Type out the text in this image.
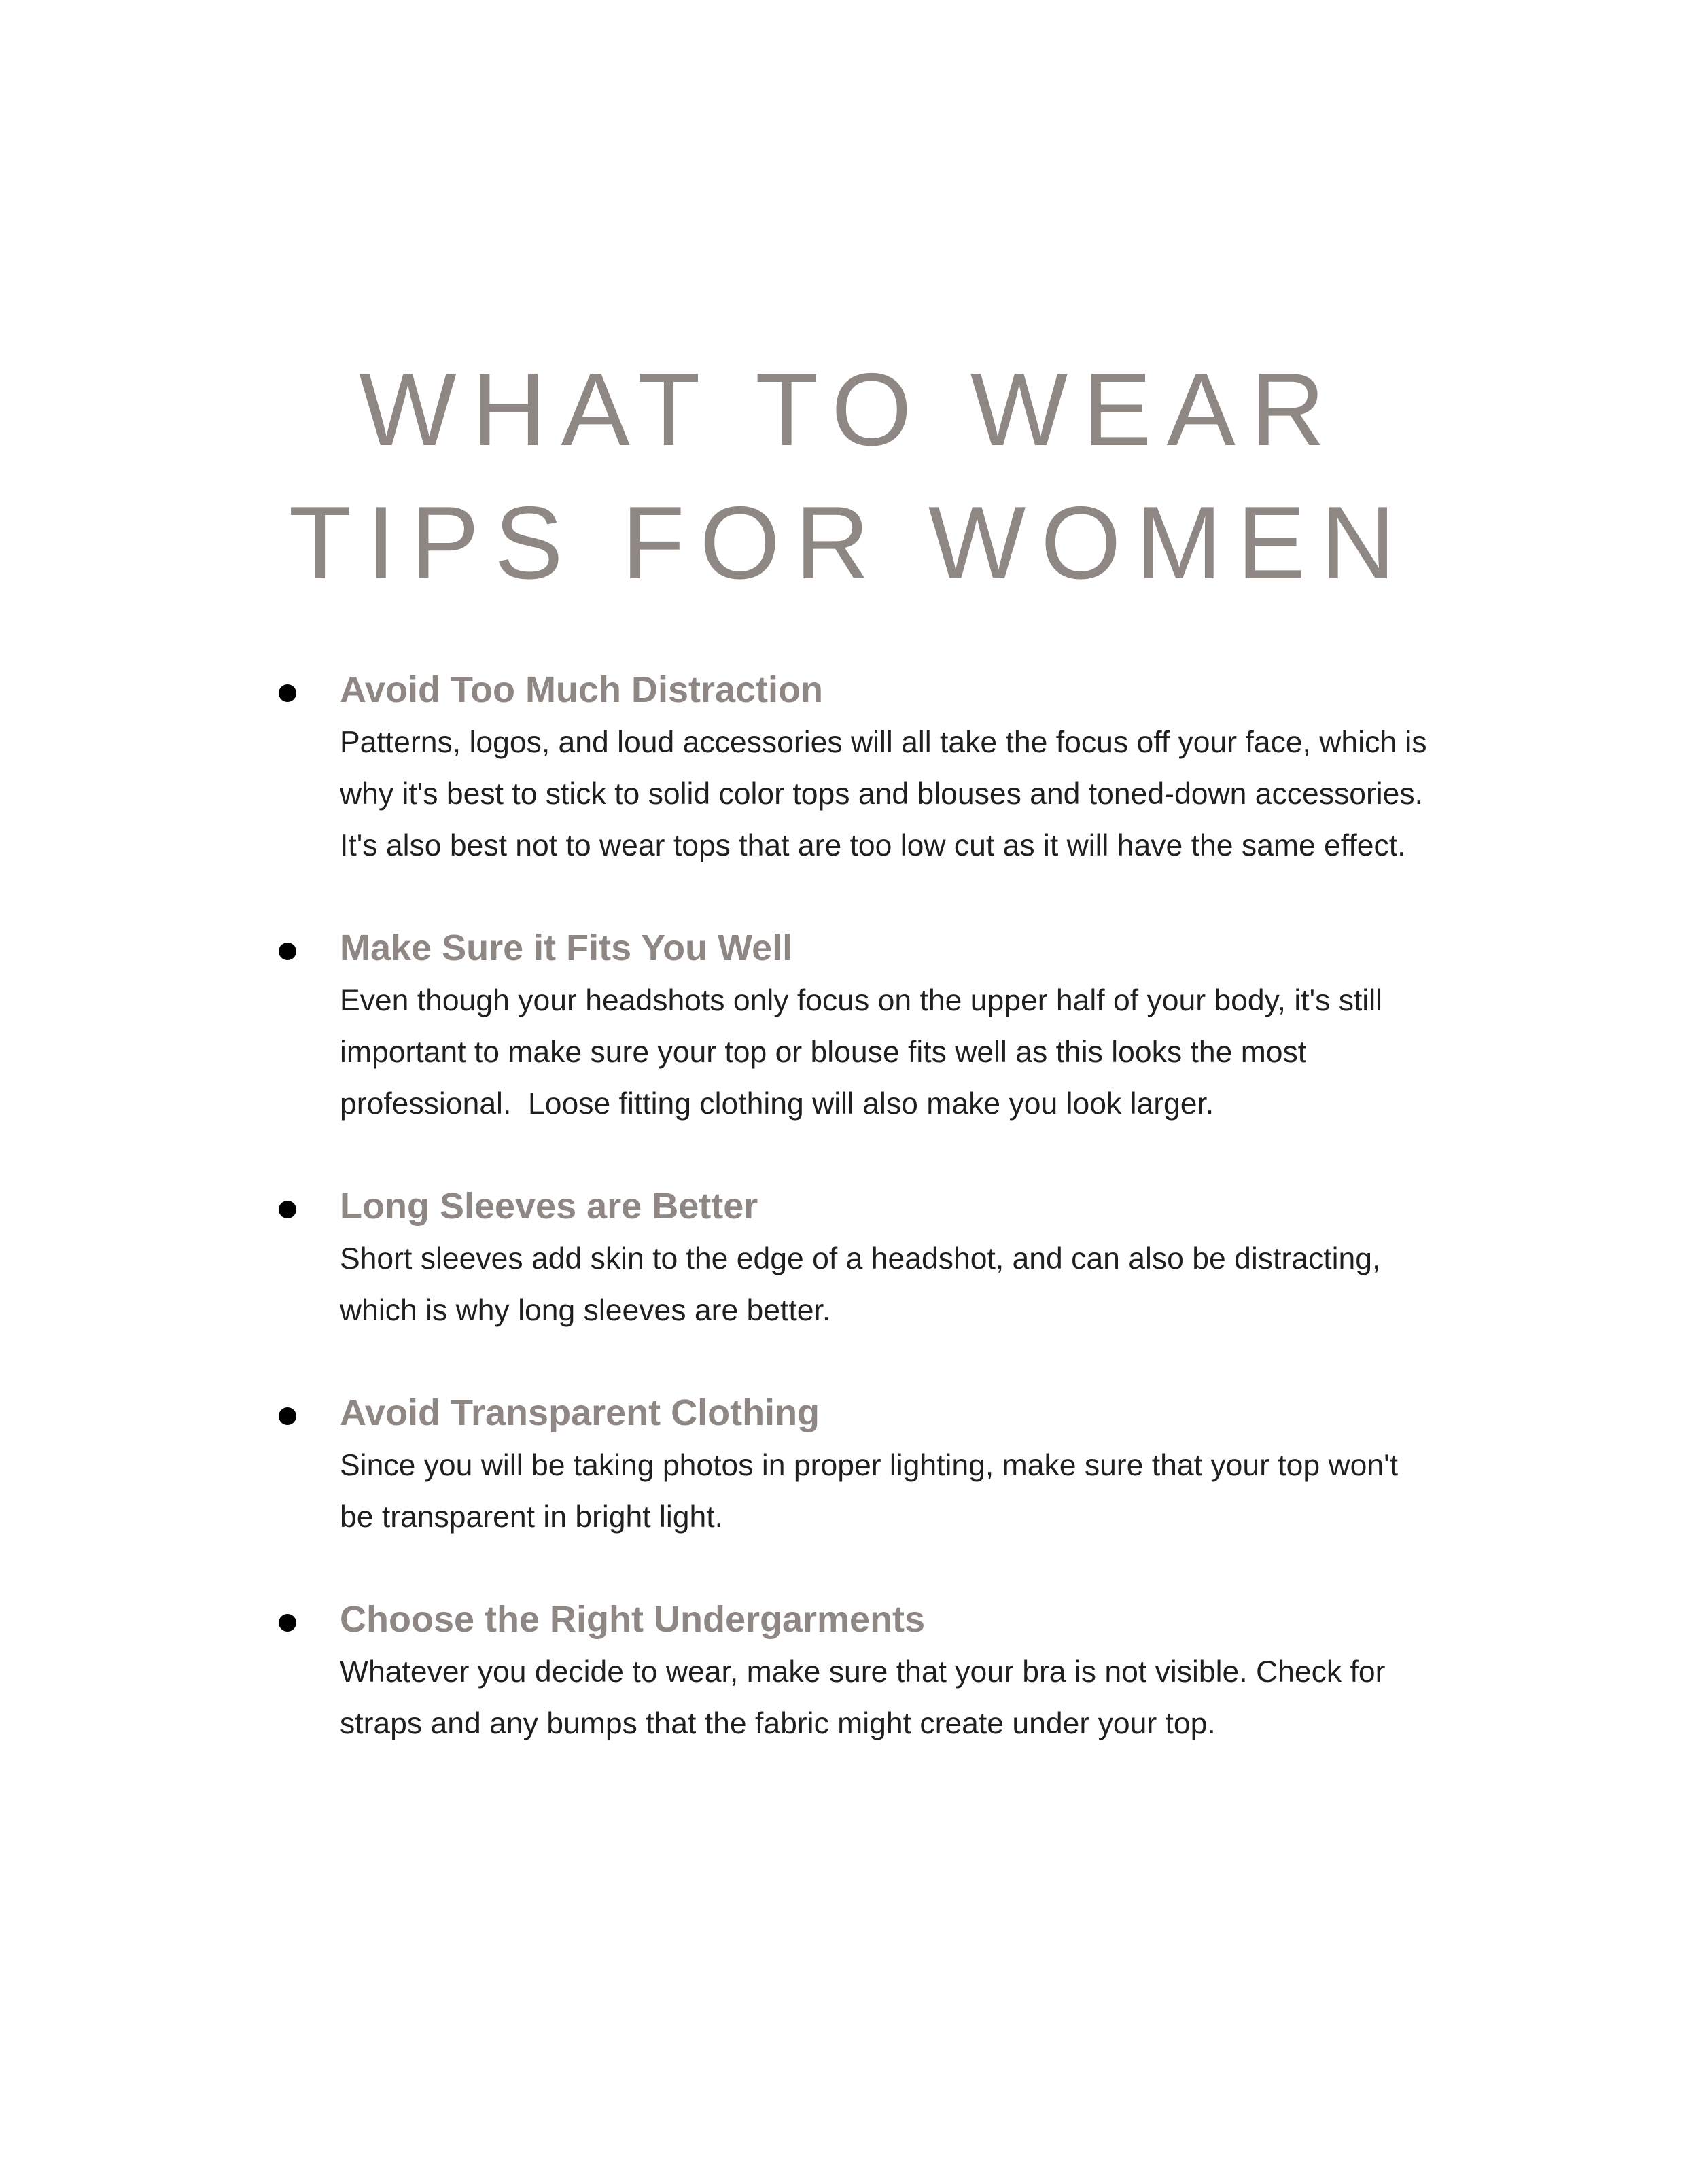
WHAT TO WEAR
TIPS FOR WOMEN
Avoid Too Much Distraction
Patterns, logos, and loud accessories will all take the focus off your face, which is why it's best to stick to solid color tops and blouses and toned-down accessories.  It's also best not to wear tops that are too low cut as it will have the same effect.
Make Sure it Fits You Well
Even though your headshots only focus on the upper half of your body, it's still important to make sure your top or blouse fits well as this looks the most professional.  Loose fitting clothing will also make you look larger.
Long Sleeves are Better
Short sleeves add skin to the edge of a headshot, and can also be distracting, which is why long sleeves are better.
Avoid Transparent Clothing
Since you will be taking photos in proper lighting, make sure that your top won't be transparent in bright light.
Choose the Right Undergarments
Whatever you decide to wear, make sure that your bra is not visible. Check for straps and any bumps that the fabric might create under your top.
